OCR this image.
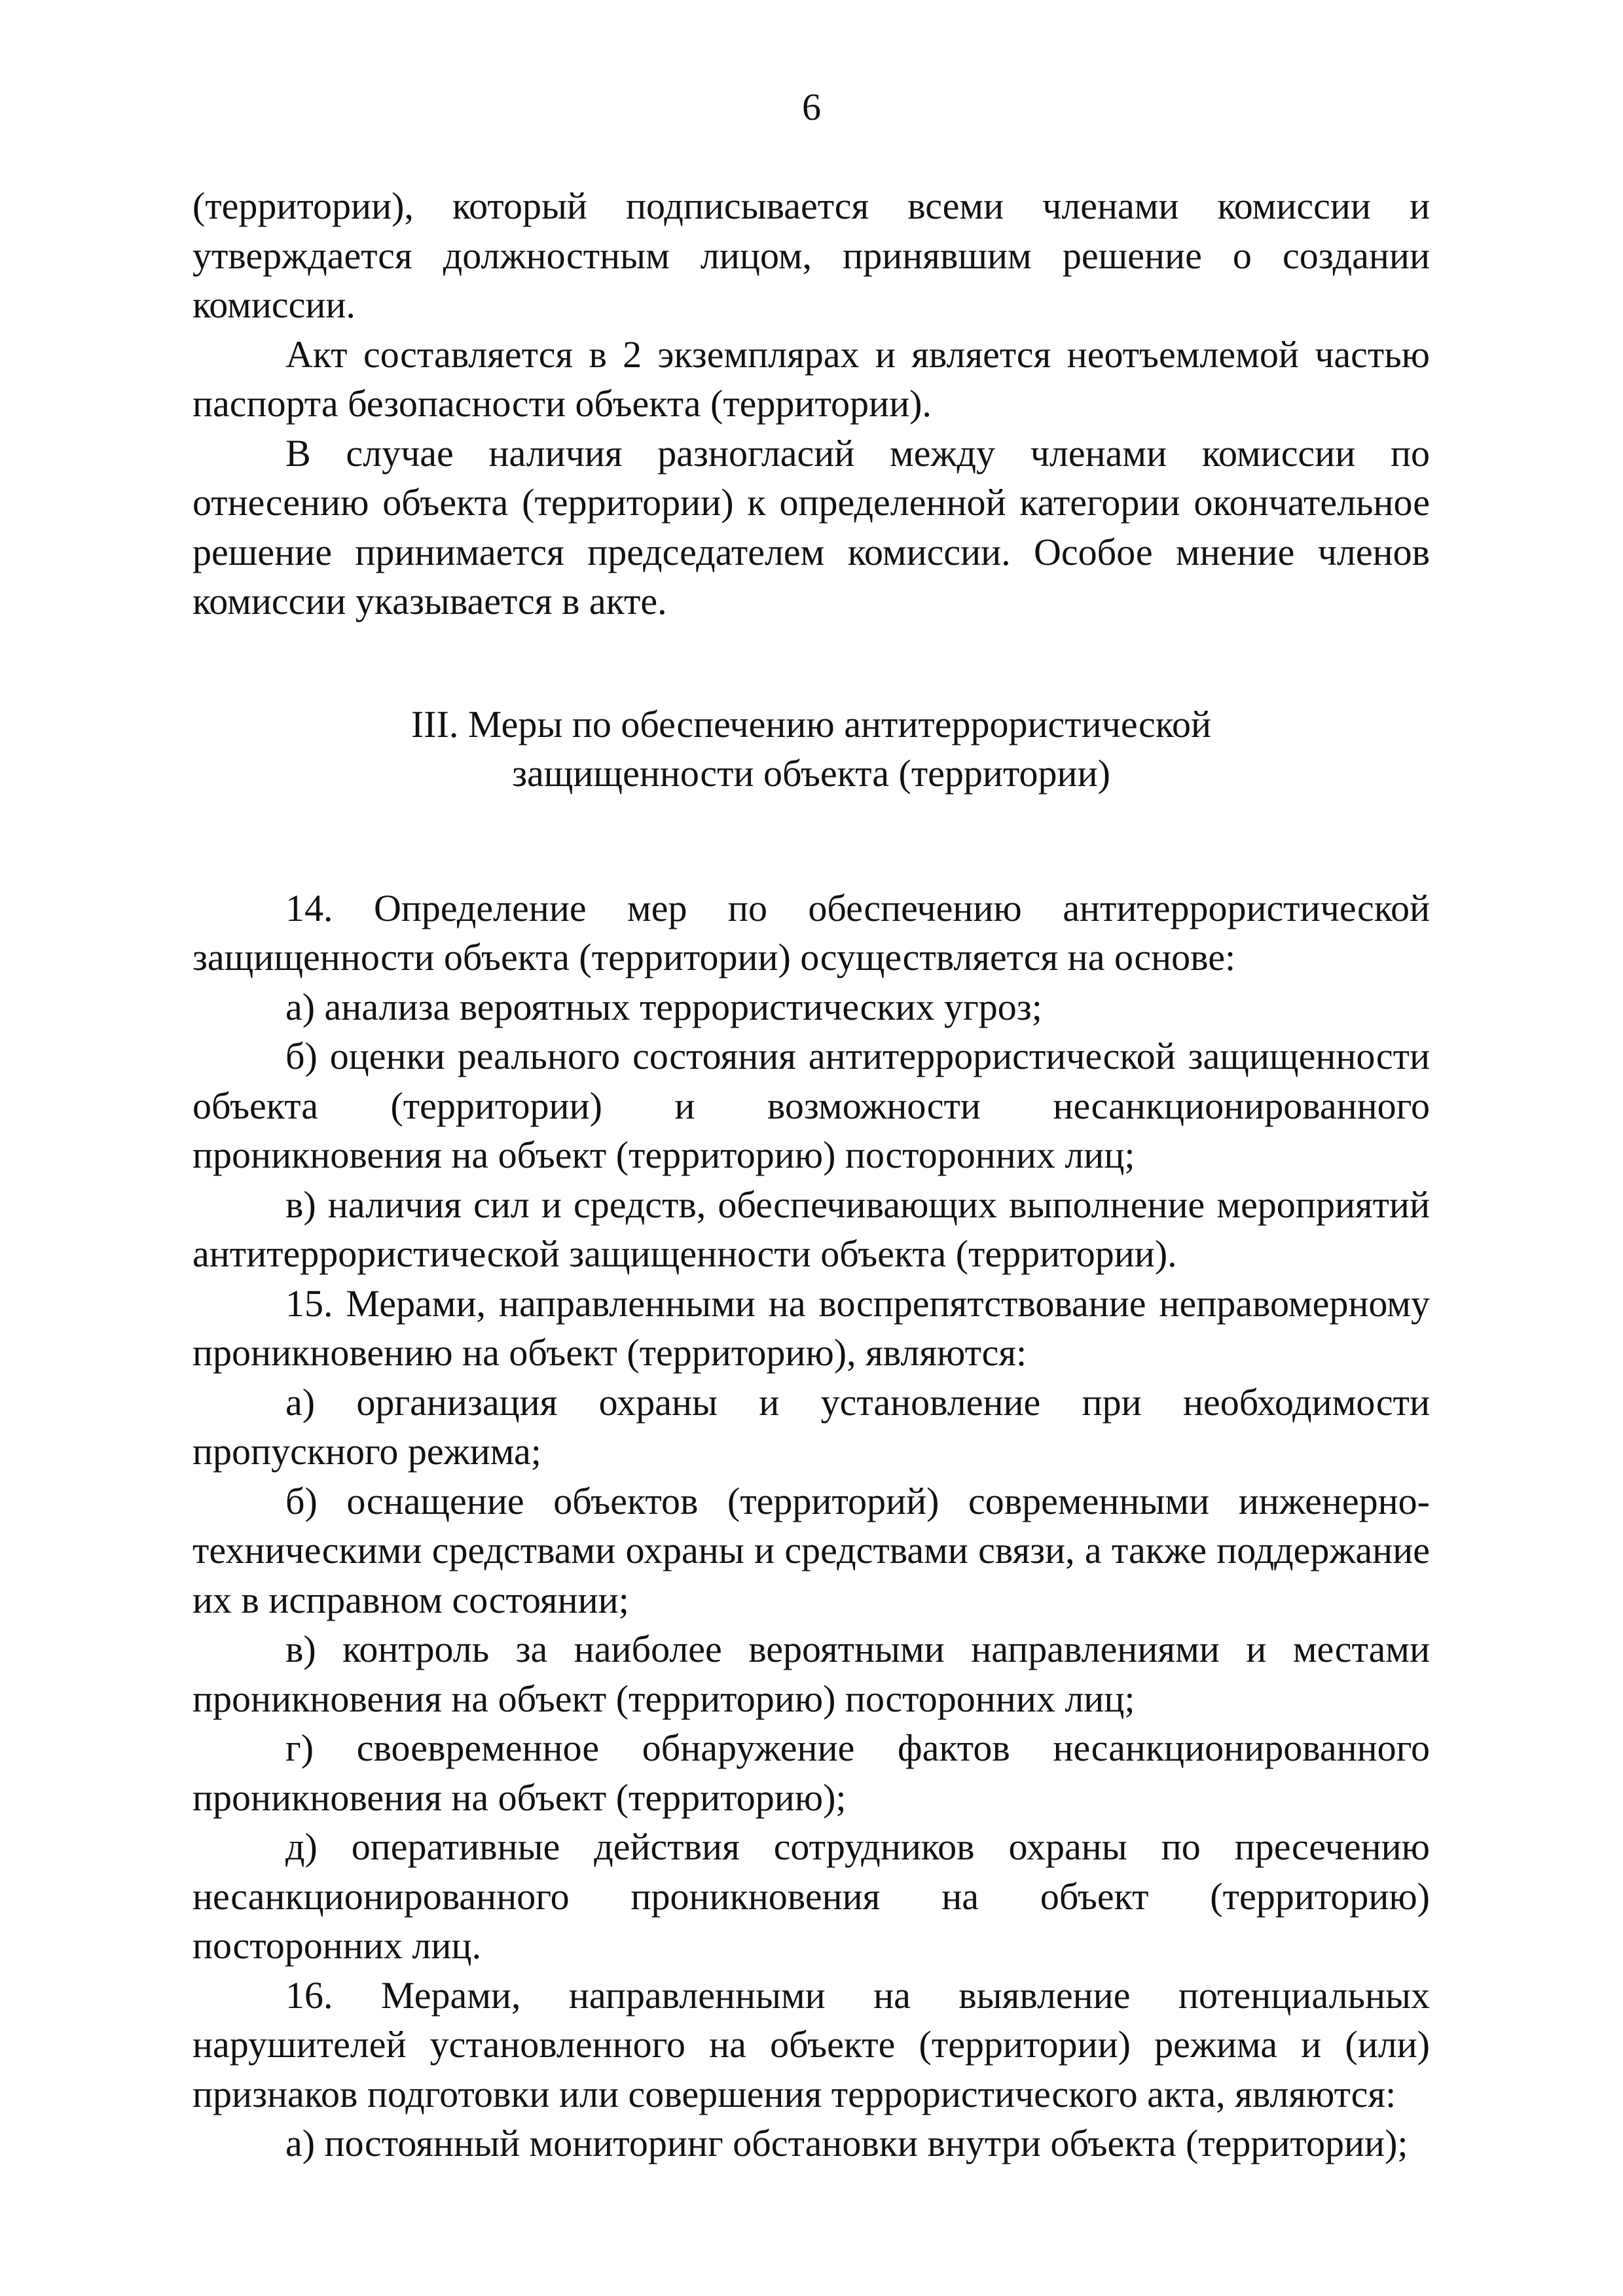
6

(территории), который подписывается всеми членами комиссии и утверждается должностным лицом, принявшим решение о создании комиссии.

Акт составляется в 2 экземплярах и является неотъемлемой частью паспорта безопасности объекта (территории).

В случае наличия разногласий между членами комиссии по отнесению объекта (территории) к определенной категории окончательное решение принимается председателем комиссии. Особое мнение членов комиссии указывается в акте.

III. Меры по обеспечению антитеррористической
защищенности объекта (территории)

14. Определение мер по обеспечению антитеррористической защищенности объекта (территории) осуществляется на основе:

а) анализа вероятных террористических угроз;

б) оценки реального состояния антитеррористической защищенности объекта (территории) и возможности несанкционированного проникновения на объект (территорию) посторонних лиц;

в) наличия сил и средств, обеспечивающих выполнение мероприятий антитеррористической защищенности объекта (территории).

15. Мерами, направленными на воспрепятствование неправомерному проникновению на объект (территорию), являются:

а) организация охраны и установление при необходимости пропускного режима;

б) оснащение объектов (территорий) современными инженерно-техническими средствами охраны и средствами связи, а также поддержание их в исправном состоянии;

в) контроль за наиболее вероятными направлениями и местами проникновения на объект (территорию) посторонних лиц;

г) своевременное обнаружение фактов несанкционированного проникновения на объект (территорию);

д) оперативные действия сотрудников охраны по пресечению несанкционированного проникновения на объект (территорию) посторонних лиц.

16. Мерами, направленными на выявление потенциальных нарушителей установленного на объекте (территории) режима и (или) признаков подготовки или совершения террористического акта, являются:

а) постоянный мониторинг обстановки внутри объекта (территории);
